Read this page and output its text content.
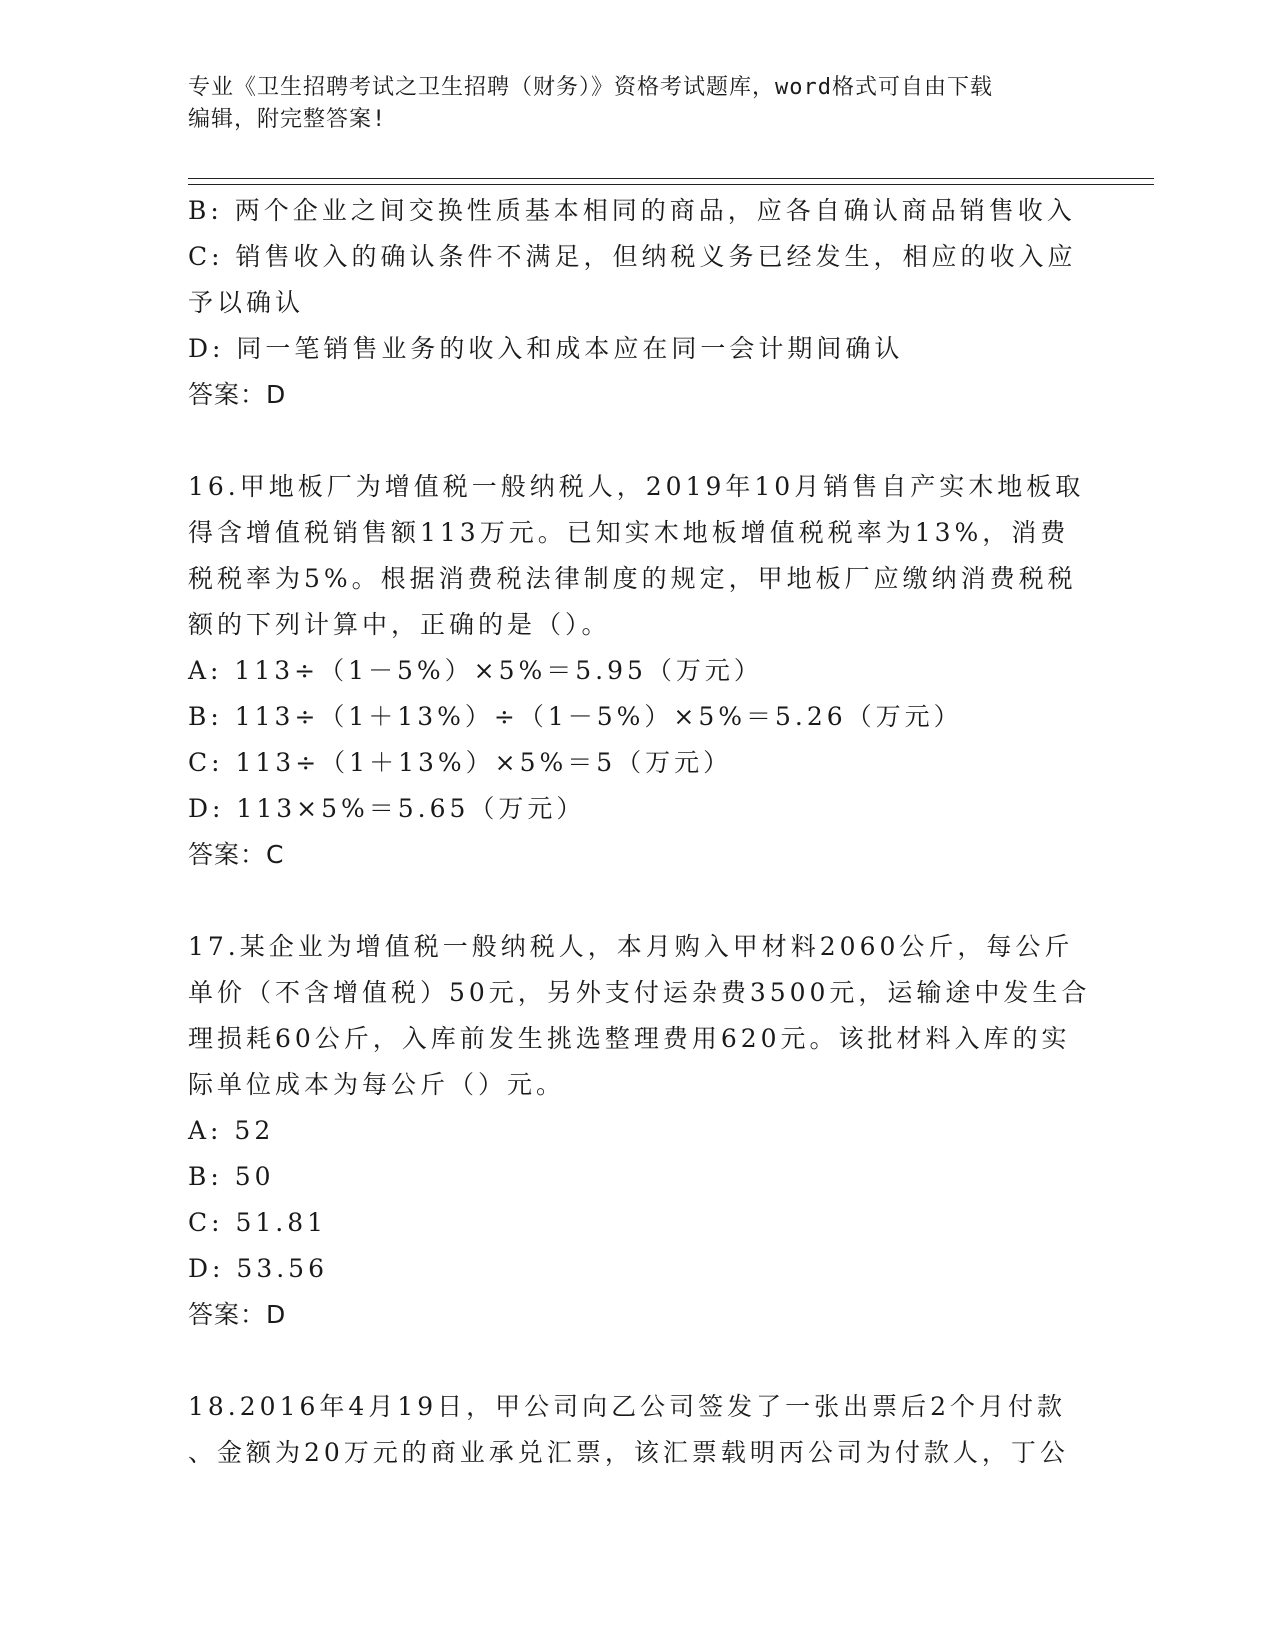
专业《卫生招聘考试之卫生招聘（财务）》资格考试题库，word格式可自由下载
编辑，附完整答案!
B: 两个企业之间交换性质基本相同的商品，应各自确认商品销售收入
C: 销售收入的确认条件不满足，但纳税义务已经发生，相应的收入应
予以确认
D: 同一笔销售业务的收入和成本应在同一会计期间确认
答案：D
16.甲地板厂为增值税一般纳税人，2019年10月销售自产实木地板取
得含增值税销售额113万元。已知实木地板增值税税率为13%，消费
税税率为5%。根据消费税法律制度的规定，甲地板厂应缴纳消费税税
额的下列计算中，正确的是（）。
A: 113÷（1－5%）×5%＝5.95（万元）
B: 113÷（1＋13%）÷（1－5%）×5%＝5.26（万元）
C: 113÷（1＋13%）×5%＝5（万元）
D: 113×5%＝5.65（万元）
答案：C
17.某企业为增值税一般纳税人，本月购入甲材料2060公斤，每公斤
单价（不含增值税）50元，另外支付运杂费3500元，运输途中发生合
理损耗60公斤，入库前发生挑选整理费用620元。该批材料入库的实
际单位成本为每公斤（）元。
A: 52
B: 50
C: 51.81
D: 53.56
答案：D
18.2016年4月19日，甲公司向乙公司签发了一张出票后2个月付款
、金额为20万元的商业承兑汇票，该汇票载明丙公司为付款人，丁公
